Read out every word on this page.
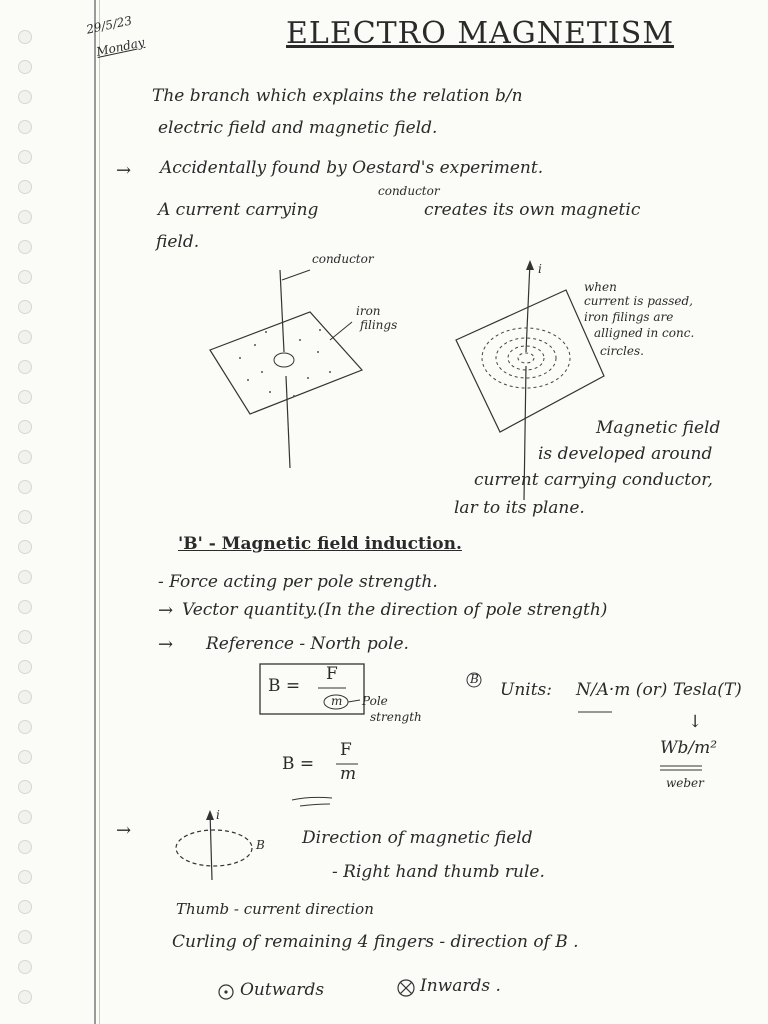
29/5/23
Monday	ELECTRO MAGNETISM
The branch which explains the relation b/n
electric field and magnetic field.
→ Accidentally found by Oestard's experiment.
A current carrying
conductor
creates its own magnetic
field.
conductor
iron
filings
i
when
current is passed,
iron filings are
alligned in conc.
circles.
Magnetic field
is developed around
current carrying conductor,
lar to its plane.
'B' - Magnetic field induction.
- Force acting per pole strength.
→ Vector quantity.(In the direction of pole strength)
→ Reference - North pole.
B =
F
m Pole
strength
B
Units: N/A·m (or) Tesla(T)
↓
Wb/m²
weber
B =
F
m
→
i
B Direction of magnetic field
- Right hand thumb rule.
Thumb - current direction
Curling of remaining 4 fingers - direction of B .
Outwards	Inwards .
